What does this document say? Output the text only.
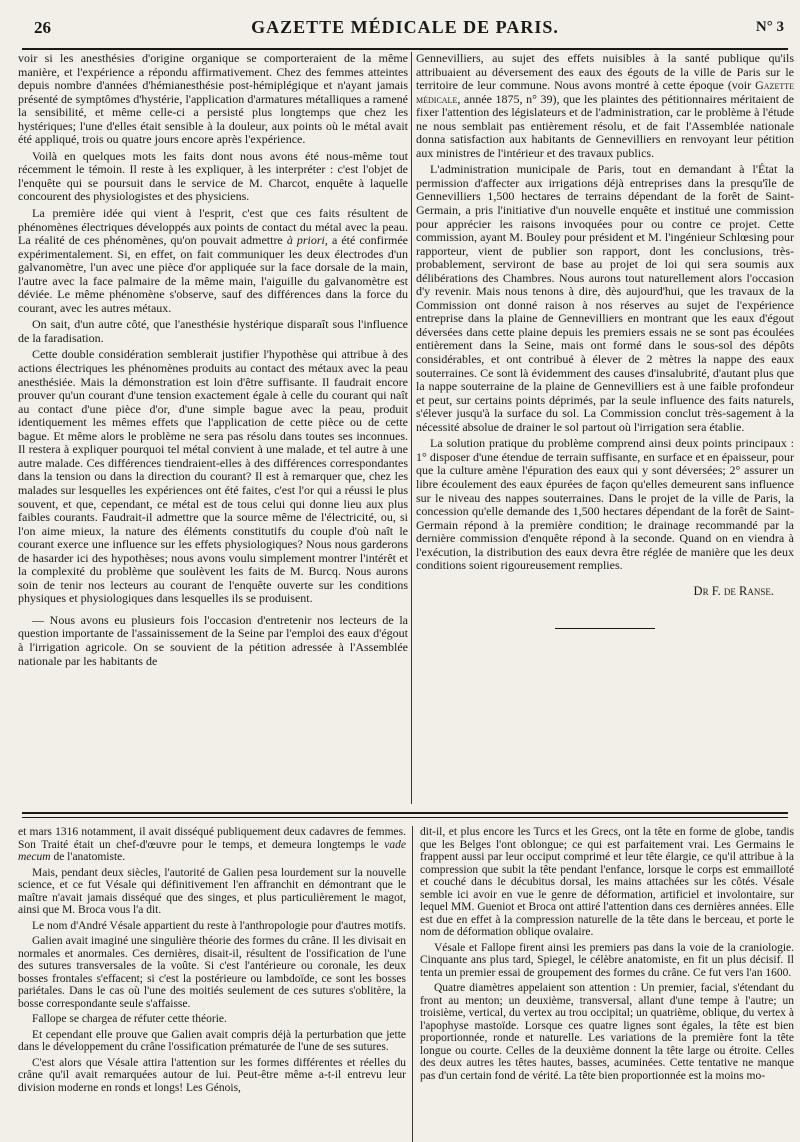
26	GAZETTE MÉDICALE DE PARIS.	N° 3

voir si les anesthésies d'origine organique se comporteraient de la même manière, et l'expérience a répondu affirmativement. Chez des femmes atteintes depuis nombre d'années d'hémianesthésie post-hémiplégique et n'ayant jamais présenté de symptômes d'hystérie, l'application d'armatures métalliques a ramené la sensibilité, et même celle-ci a persisté plus longtemps que chez les hystériques; l'une d'elles était sensible à la douleur, aux points où le métal avait été appliqué, trois ou quatre jours encore après l'expérience.

Voilà en quelques mots les faits dont nous avons été nous-même tout récemment le témoin. Il reste à les expliquer, à les interpréter : c'est l'objet de l'enquête qui se poursuit dans le service de M. Charcot, enquête à laquelle concourent des physiologistes et des physiciens.

La première idée qui vient à l'esprit, c'est que ces faits résultent de phénomènes électriques développés aux points de contact du métal avec la peau. La réalité de ces phénomènes, qu'on pouvait admettre à priori, a été confirmée expérimentalement. Si, en effet, on fait communiquer les deux électrodes d'un galvanomètre, l'un avec une pièce d'or appliquée sur la face dorsale de la main, l'autre avec la face palmaire de la même main, l'aiguille du galvanomètre est déviée. Le même phénomène s'observe, sauf des différences dans la force du courant, avec les autres métaux.

On sait, d'un autre côté, que l'anesthésie hystérique disparaît sous l'influence de la faradisation.

Cette double considération semblerait justifier l'hypothèse qui attribue à des actions électriques les phénomènes produits au contact des métaux avec la peau anesthésiée. Mais la démonstration est loin d'être suffisante. Il faudrait encore prouver qu'un courant d'une tension exactement égale à celle du courant qui naît au contact d'une pièce d'or, d'une simple bague avec la peau, produit identiquement les mêmes effets que l'application de cette pièce ou de cette bague. Et même alors le problème ne sera pas résolu dans toutes ses inconnues. Il restera à expliquer pourquoi tel métal convient à une malade, et tel autre à une autre malade. Ces différences tiendraient-elles à des différences correspondantes dans la tension ou dans la direction du courant? Il est à remarquer que, chez les malades sur lesquelles les expériences ont été faites, c'est l'or qui a réussi le plus souvent, et que, cependant, ce métal est de tous celui qui donne lieu aux plus faibles courants. Faudrait-il admettre que la source même de l'électricité, ou, si l'on aime mieux, la nature des éléments constitutifs du couple d'où naît le courant exerce une influence sur les effets physiologiques? Nous nous garderons de hasarder ici des hypothèses; nous avons voulu simplement montrer l'intérêt et la complexité du problème que soulèvent les faits de M. Burcq. Nous aurons soin de tenir nos lecteurs au courant de l'enquête ouverte sur les conditions physiques et physiologiques dans lesquelles ils se produisent.

— Nous avons eu plusieurs fois l'occasion d'entretenir nos lecteurs de la question importante de l'assainissement de la Seine par l'emploi des eaux d'égout à l'irrigation agricole. On se souvient de la pétition adressée à l'Assemblée nationale par les habitants de

Gennevilliers, au sujet des effets nuisibles à la santé publique qu'ils attribuaient au déversement des eaux des égouts de la ville de Paris sur le territoire de leur commune. Nous avons montré à cette époque (voir Gazette médicale, année 1875, n° 39), que les plaintes des pétitionnaires méritaient de fixer l'attention des législateurs et de l'administration, car le problème à l'étude ne nous semblait pas entièrement résolu, et de fait l'Assemblée nationale donna satisfaction aux habitants de Gennevilliers en renvoyant leur pétition aux ministres de l'intérieur et des travaux publics.

L'administration municipale de Paris, tout en demandant à l'État la permission d'affecter aux irrigations déjà entreprises dans la presqu'île de Gennevilliers 1,500 hectares de terrains dépendant de la forêt de Saint-Germain, a pris l'initiative d'un nouvelle enquête et institué une commission pour apprécier les raisons invoquées pour ou contre ce projet. Cette commission, ayant M. Bouley pour président et M. l'ingénieur Schlœsing pour rapporteur, vient de publier son rapport, dont les conclusions, très-probablement, serviront de base au projet de loi qui sera soumis aux délibérations des Chambres. Nous aurons tout naturellement alors l'occasion d'y revenir. Mais nous tenons à dire, dès aujourd'hui, que les travaux de la Commission ont donné raison à nos réserves au sujet de l'expérience entreprise dans la plaine de Gennevilliers en montrant que les eaux d'égout déversées dans cette plaine depuis les premiers essais ne se sont pas écoulées entièrement dans la Seine, mais ont formé dans le sous-sol des dépôts considérables, et ont contribué à élever de 2 mètres la nappe des eaux souterraines. Ce sont là évidemment des causes d'insalubrité, d'autant plus que la nappe souterraine de la plaine de Gennevilliers est à une faible profondeur et peut, sur certains points déprimés, par la seule influence des faits naturels, s'élever jusqu'à la surface du sol. La Commission conclut très-sagement à la nécessité absolue de drainer le sol partout où l'irrigation sera établie.

La solution pratique du problème comprend ainsi deux points principaux : 1° disposer d'une étendue de terrain suffisante, en surface et en épaisseur, pour que la culture amène l'épuration des eaux qui y sont déversées; 2° assurer un libre écoulement des eaux épurées de façon qu'elles demeurent sans influence sur le niveau des nappes souterraines. Dans le projet de la ville de Paris, la concession qu'elle demande des 1,500 hectares dépendant de la forêt de Saint-Germain répond à la première condition; le drainage recommandé par la dernière commission d'enquête répond à la seconde. Quand on en viendra à l'exécution, la distribution des eaux devra être réglée de manière que les deux conditions soient rigoureusement remplies.

Dr F. de Ranse.

et mars 1316 notamment, il avait disséqué publiquement deux cadavres de femmes. Son Traité était un chef-d'œuvre pour le temps, et demeura longtemps le vade mecum de l'anatomiste.

Mais, pendant deux siècles, l'autorité de Galien pesa lourdement sur la nouvelle science, et ce fut Vésale qui définitivement l'en affranchit en démontrant que le maître n'avait jamais disséqué que des singes, et plus particulièrement le magot, ainsi que M. Broca vous l'a dit.

Le nom d'André Vésale appartient du reste à l'anthropologie pour d'autres motifs.

Galien avait imaginé une singulière théorie des formes du crâne. Il les divisait en normales et anormales. Ces dernières, disait-il, résultent de l'ossification de l'une des sutures transversales de la voûte. Si c'est l'antérieure ou coronale, les deux bosses frontales s'effacent; si c'est la postérieure ou lambdoïde, ce sont les bosses pariétales. Dans le cas où l'une des moitiés seulement de ces sutures s'oblitère, la bosse correspondante seule s'affaisse.

Fallope se chargea de réfuter cette théorie.

Et cependant elle prouve que Galien avait compris déjà la perturbation que jette dans le développement du crâne l'ossification prématurée de l'une de ses sutures.

C'est alors que Vésale attira l'attention sur les formes différentes et réelles du crâne qu'il avait remarquées autour de lui. Peut-être même a-t-il entrevu leur division moderne en ronds et longs! Les Génois,

dit-il, et plus encore les Turcs et les Grecs, ont la tête en forme de globe, tandis que les Belges l'ont oblongue; ce qui est parfaitement vrai. Les Germains le frappent aussi par leur occiput comprimé et leur tête élargie, ce qu'il attribue à la compression que subit la tête pendant l'enfance, lorsque le corps est emmailloté et couché dans le décubitus dorsal, les mains attachées sur les côtés. Vésale semble ici avoir en vue le genre de déformation, artificiel et involontaire, sur lequel MM. Gueniot et Broca ont attiré l'attention dans ces dernières années. Elle est due en effet à la compression naturelle de la tête dans le berceau, et porte le nom de déformation oblique ovalaire.

Vésale et Fallope firent ainsi les premiers pas dans la voie de la craniologie. Cinquante ans plus tard, Spiegel, le célèbre anatomiste, en fit un plus décisif. Il tenta un premier essai de groupement des formes du crâne. Ce fut vers l'an 1600.

Quatre diamètres appelaient son attention : Un premier, facial, s'étendant du front au menton; un deuxième, transversal, allant d'une tempe à l'autre; un troisième, vertical, du vertex au trou occipital; un quatrième, oblique, du vertex à l'apophyse mastoïde. Lorsque ces quatre lignes sont égales, la tête est bien proportionnée, ronde et naturelle. Les variations de la première font la tête longue ou courte. Celles de la deuxième donnent la tête large ou étroite. Celles des deux autres les têtes hautes, basses, acuminées. Cette tentative ne manque pas d'un certain fond de vérité. La tête bien proportionnée est la moins mo-
